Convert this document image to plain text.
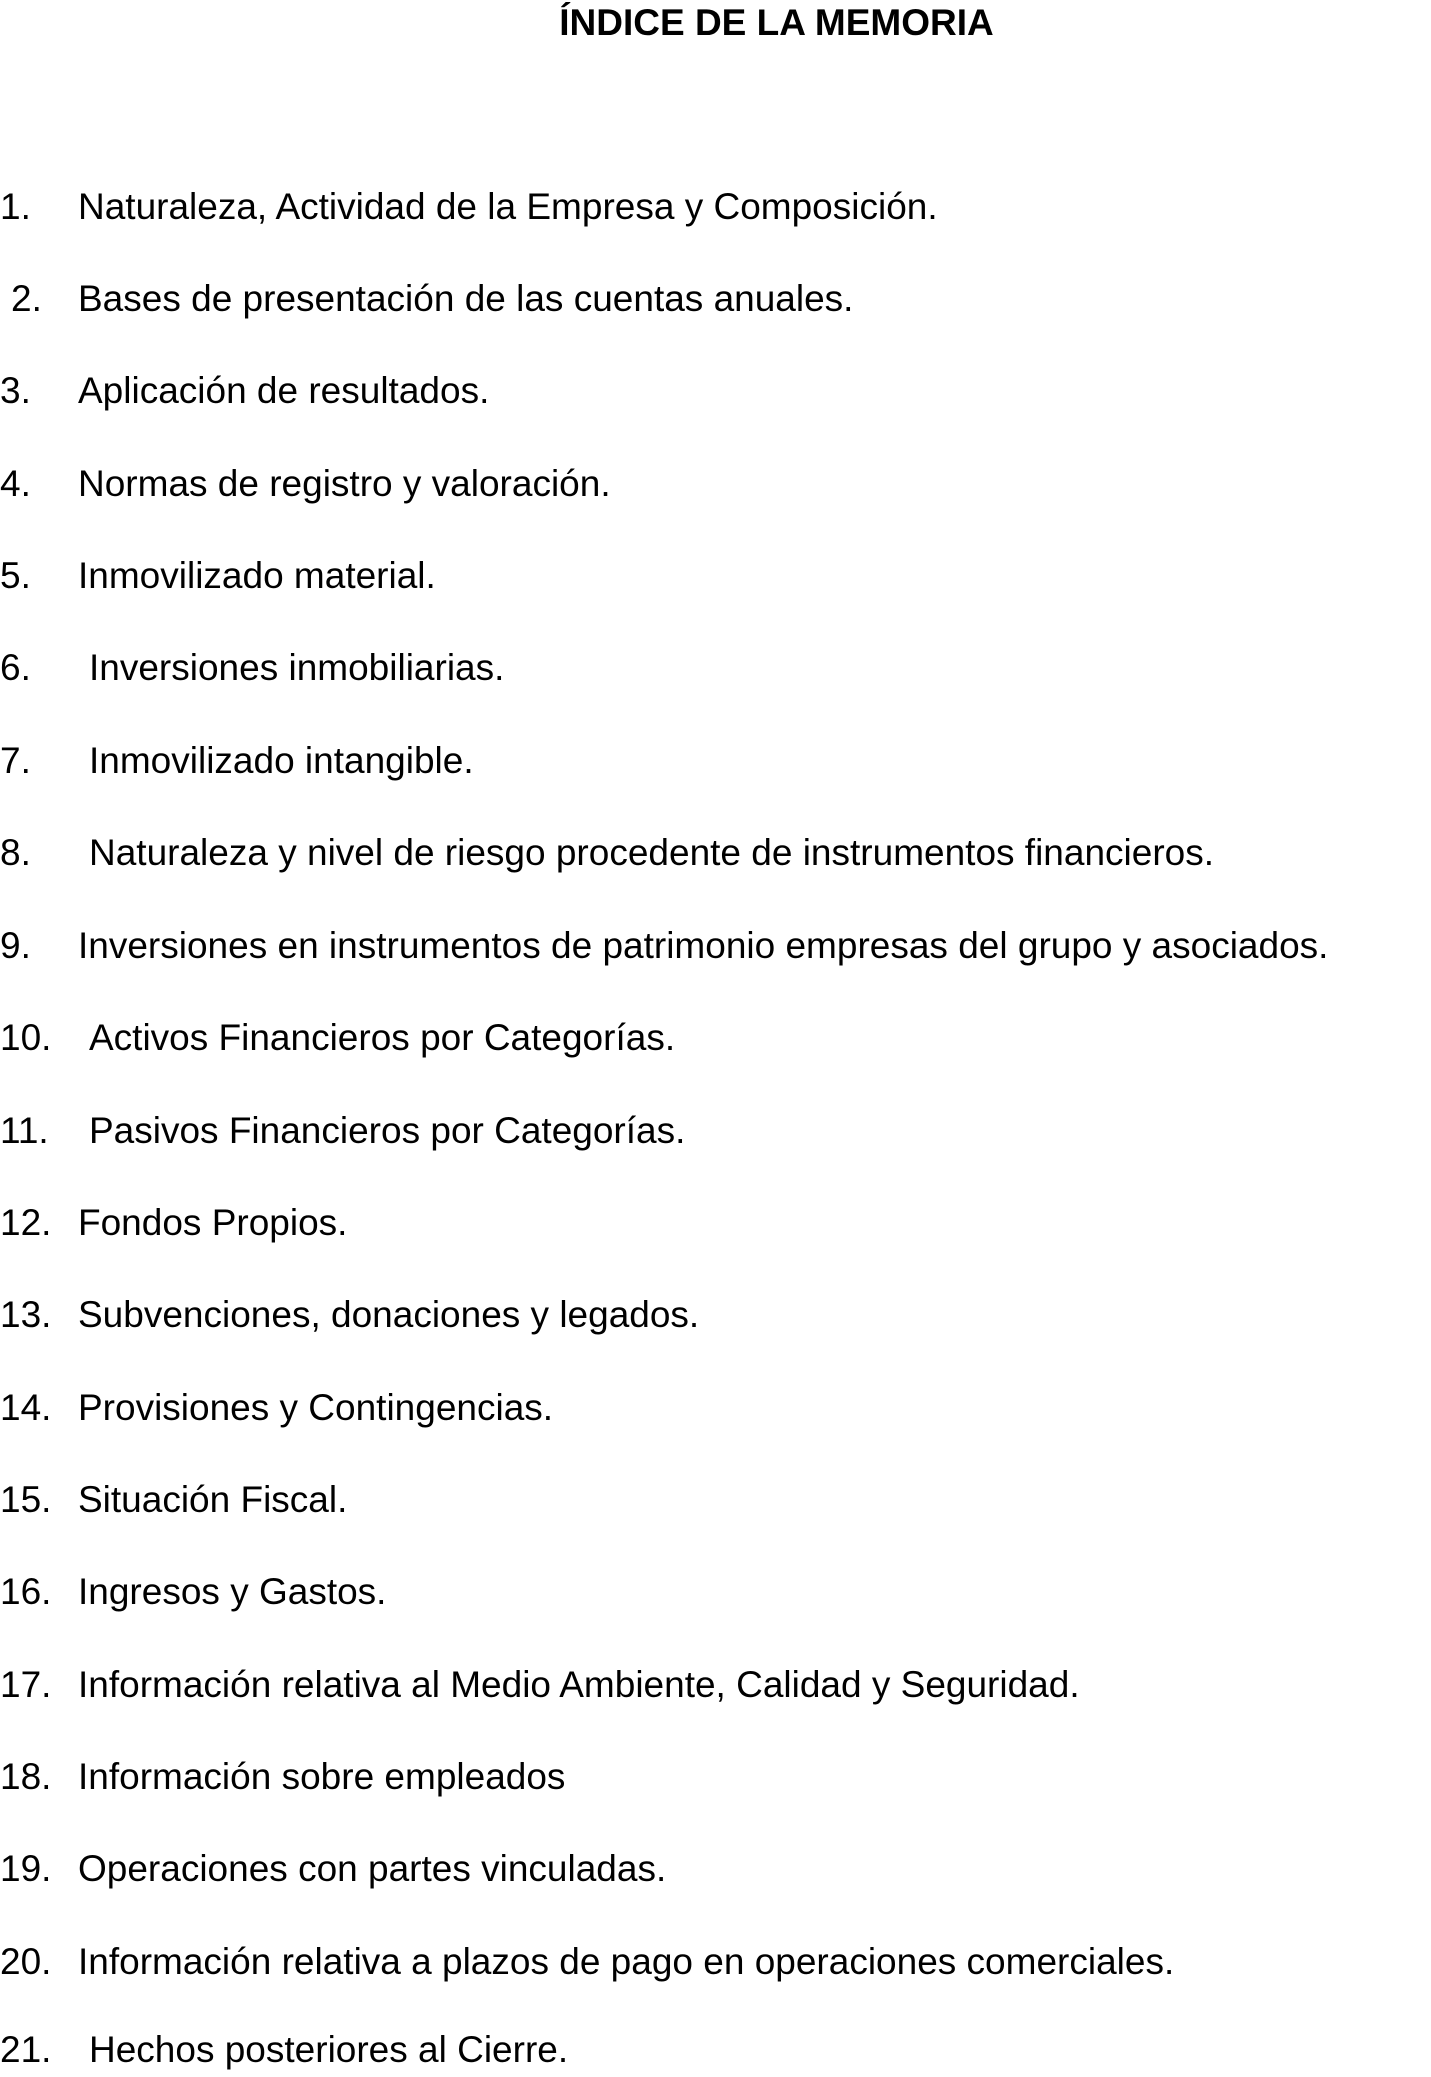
ÍNDICE DE LA MEMORIA
1. Naturaleza, Actividad de la Empresa y Composición.
2. Bases de presentación de las cuentas anuales.
3. Aplicación de resultados.
4. Normas de registro y valoración.
5. Inmovilizado material.
6. Inversiones inmobiliarias.
7. Inmovilizado intangible.
8. Naturaleza y nivel de riesgo procedente de instrumentos financieros.
9. Inversiones en instrumentos de patrimonio empresas del grupo y asociados.
10. Activos Financieros por Categorías.
11. Pasivos Financieros por Categorías.
12. Fondos Propios.
13. Subvenciones, donaciones y legados.
14. Provisiones y Contingencias.
15. Situación Fiscal.
16. Ingresos y Gastos.
17. Información relativa al Medio Ambiente, Calidad y Seguridad.
18. Información sobre empleados
19. Operaciones con partes vinculadas.
20. Información relativa a plazos de pago en operaciones comerciales.
21. Hechos posteriores al Cierre.
